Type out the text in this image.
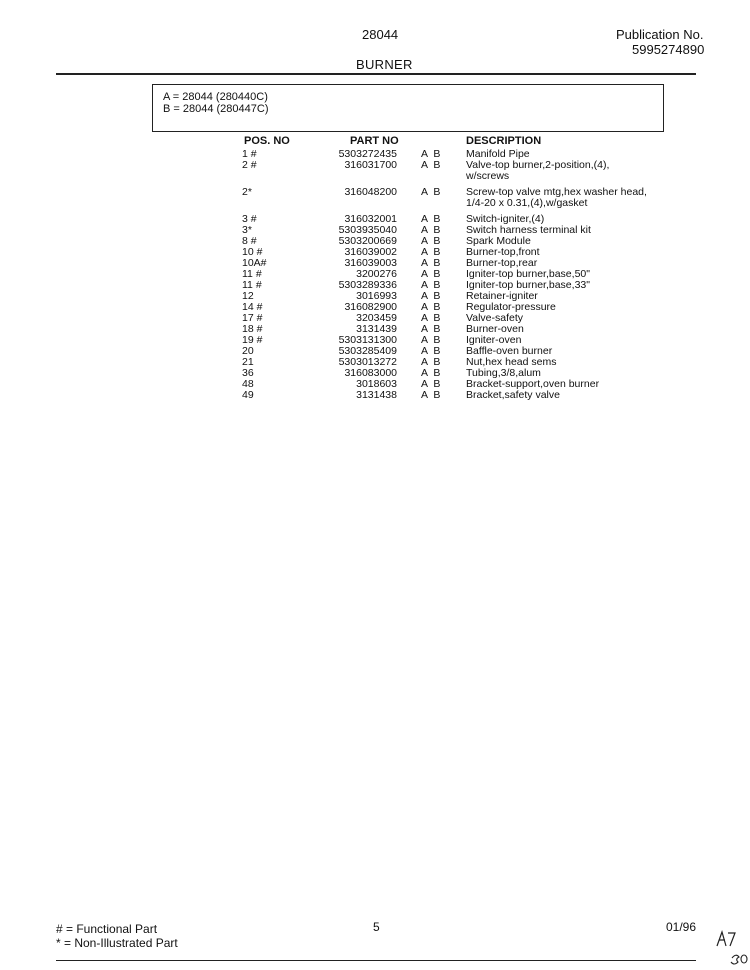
28044	Publication No.
5995274890
BURNER
A = 28044 (280440C)
B = 28044 (280447C)
POS. NO	PART NO	DESCRIPTION
1 #	5303272435 A B Manifold Pipe
2 #	316031700 A B Valve-top burner,2-position,(4),
w/screws
2*	316048200 A B Screw-top valve mtg,hex washer head,
1/4-20 x 0.31,(4),w/gasket
3 #	316032001 A B Switch-igniter,(4)
3*	5303935040 A B Switch harness terminal kit
8 #	5303200669 A B Spark Module
10 #	316039002 A B Burner-top,front
10A#	316039003 A B Burner-top,rear
11 #	3200276 A B Igniter-top burner,base,50"
11 #	5303289336 A B Igniter-top burner,base,33"
12	3016993 A B Retainer-igniter
14 #	316082900 A B Regulator-pressure
17 #	3203459 A B Valve-safety
18 #	3131439 A B Burner-oven
19 #	5303131300 A B Igniter-oven
20	5303285409 A B Baffle-oven burner
21	5303013272 A B Nut,hex head sems
36	316083000 A B Tubing,3/8,alum
48	3018603 A B Bracket-support,oven burner
49	3131438 A B Bracket,safety valve
# = Functional Part
* = Non-Illustrated Part
5	01/96
